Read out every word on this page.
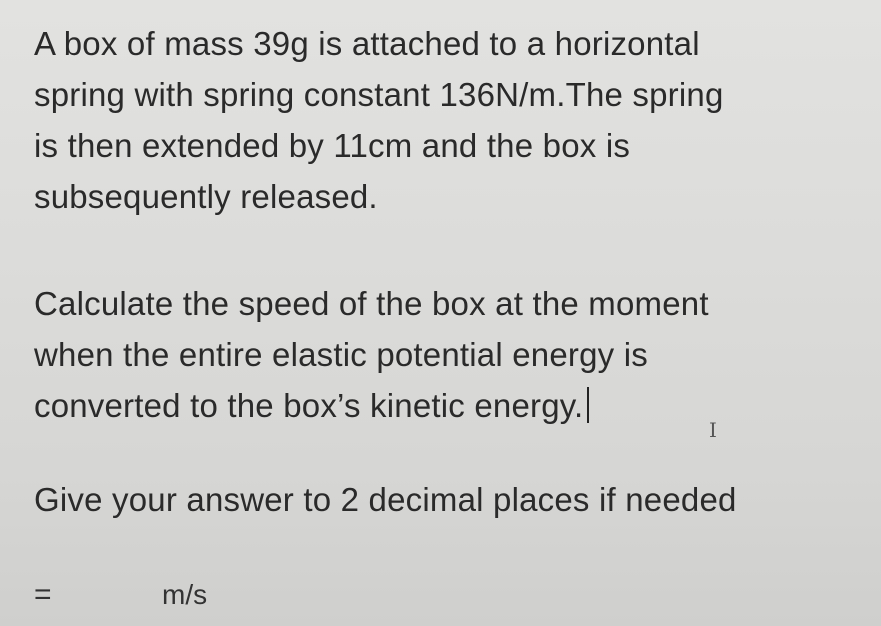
A box of mass 39g is attached to a horizontal
spring with spring constant 136N/m.The spring
is then extended by 11cm and the box is
subsequently released.
Calculate the speed of the box at the moment
when the entire elastic potential energy is
converted to the box’s kinetic energy.
I
Give your answer to 2 decimal places if needed
=	m/s
